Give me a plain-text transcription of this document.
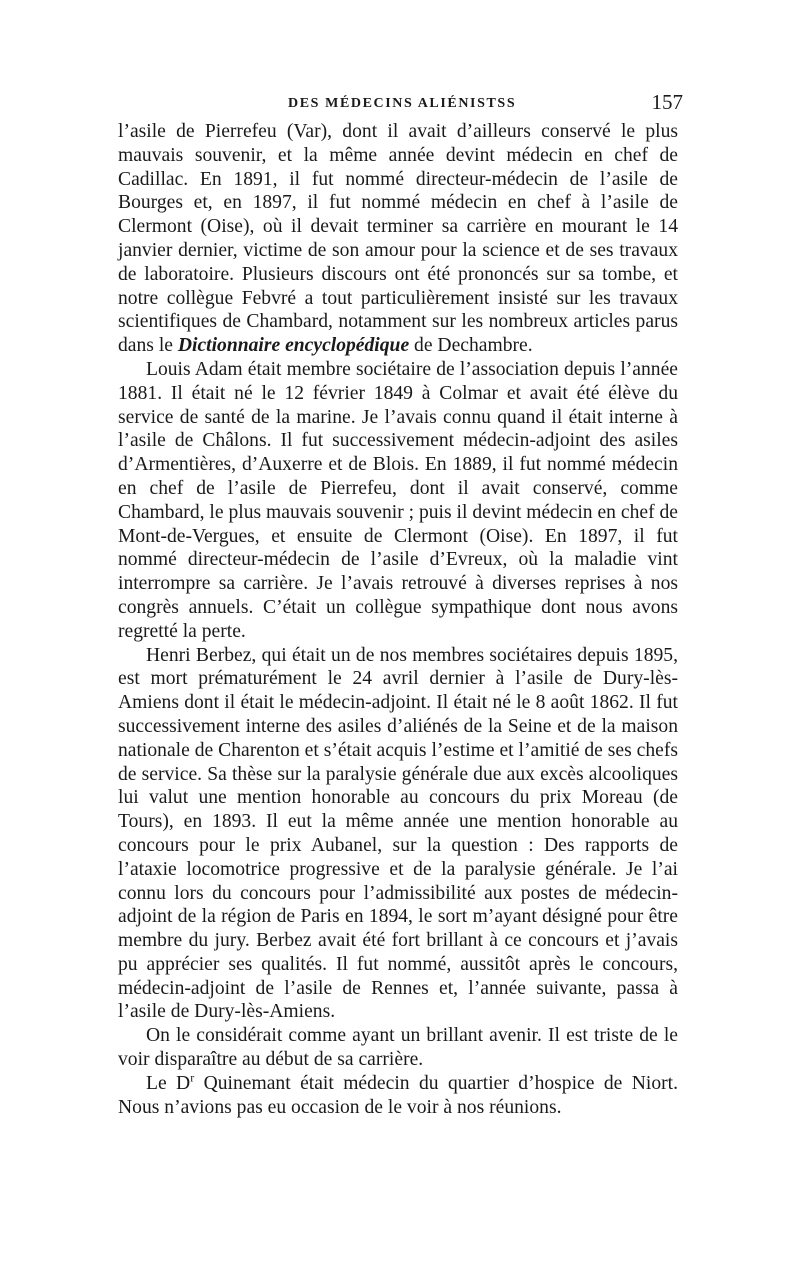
DES MÉDECINS ALIÉNISTSS	157

l’asile de Pierrefeu (Var), dont il avait d’ailleurs conservé le plus mauvais souvenir, et la même année devint médecin en chef de Cadillac. En 1891, il fut nommé directeur-médecin de l’asile de Bourges et, en 1897, il fut nommé médecin en chef à l’asile de Clermont (Oise), où il devait terminer sa carrière en mourant le 14 janvier dernier, victime de son amour pour la science et de ses travaux de laboratoire. Plusieurs discours ont été prononcés sur sa tombe, et notre collègue Febvré a tout particulièrement insisté sur les travaux scientifiques de Chambard, notamment sur les nombreux articles parus dans le Dictionnaire encyclopédique de Dechambre.

Louis Adam était membre sociétaire de l’association depuis l’année 1881. Il était né le 12 février 1849 à Colmar et avait été élève du service de santé de la marine. Je l’avais connu quand il était interne à l’asile de Châlons. Il fut successivement médecin-adjoint des asiles d’Armentières, d’Auxerre et de Blois. En 1889, il fut nommé médecin en chef de l’asile de Pierrefeu, dont il avait conservé, comme Chambard, le plus mauvais souvenir ; puis il devint médecin en chef de Mont-de-Vergues, et ensuite de Clermont (Oise). En 1897, il fut nommé directeur-médecin de l’asile d’Evreux, où la maladie vint interrompre sa carrière. Je l’avais retrouvé à diverses reprises à nos congrès annuels. C’était un collègue sympathique dont nous avons regretté la perte.

Henri Berbez, qui était un de nos membres sociétaires depuis 1895, est mort prématurément le 24 avril dernier à l’asile de Dury-lès-Amiens dont il était le médecin-adjoint. Il était né le 8 août 1862. Il fut successivement interne des asiles d’aliénés de la Seine et de la maison nationale de Charenton et s’était acquis l’estime et l’amitié de ses chefs de service. Sa thèse sur la paralysie générale due aux excès alcooliques lui valut une mention honorable au concours du prix Moreau (de Tours), en 1893. Il eut la même année une mention honorable au concours pour le prix Aubanel, sur la question : Des rapports de l’ataxie locomotrice progressive et de la paralysie générale. Je l’ai connu lors du concours pour l’admissibilité aux postes de médecin-adjoint de la région de Paris en 1894, le sort m’ayant désigné pour être membre du jury. Berbez avait été fort brillant à ce concours et j’avais pu apprécier ses qualités. Il fut nommé, aussitôt après le concours, médecin-adjoint de l’asile de Rennes et, l’année suivante, passa à l’asile de Dury-lès-Amiens.

On le considérait comme ayant un brillant avenir. Il est triste de le voir disparaître au début de sa carrière.

Le $D^r$ Quinemant était médecin du quartier d’hospice de Niort. Nous n’avions pas eu occasion de le voir à nos réunions.
